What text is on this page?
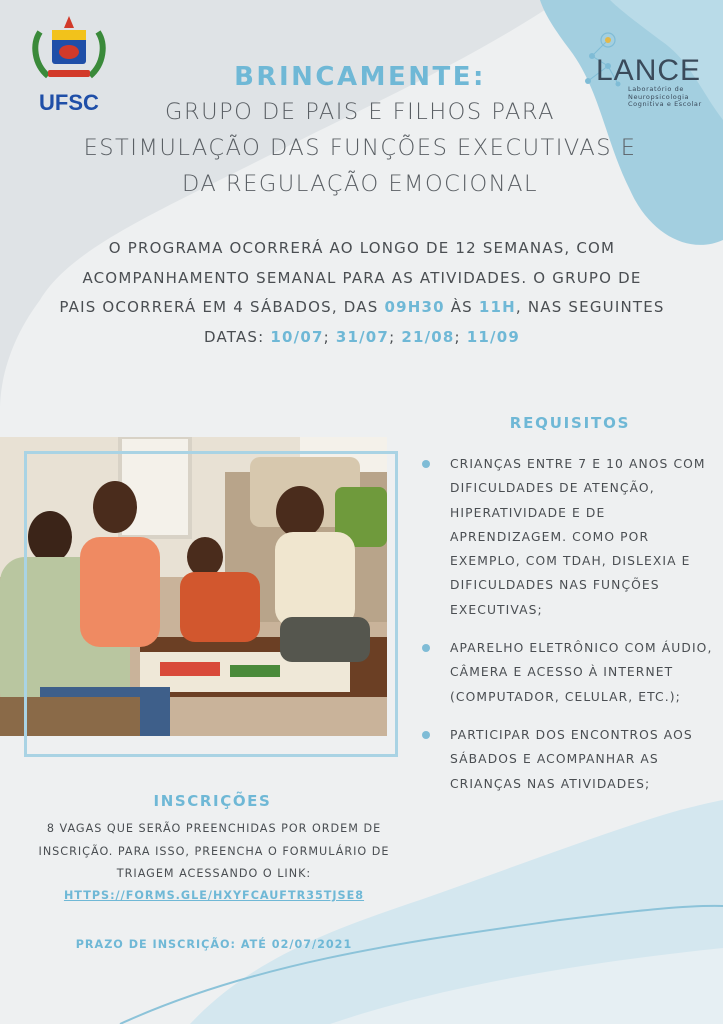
UFSC
LANCE
Laboratório de Neuropsicologia Cognitiva e Escolar
BRINCAMENTE:
GRUPO DE PAIS E FILHOS PARA
ESTIMULAÇÃO DAS FUNÇÕES EXECUTIVAS E
DA REGULAÇÃO EMOCIONAL
O PROGRAMA OCORRERÁ AO LONGO DE 12 SEMANAS, COM
ACOMPANHAMENTO SEMANAL PARA AS ATIVIDADES. O GRUPO DE
PAIS OCORRERÁ EM 4 SÁBADOS, DAS 09H30 ÀS 11H, NAS SEGUINTES
DATAS: 10/07; 31/07; 21/08; 11/09
REQUISITOS
CRIANÇAS ENTRE 7 E 10 ANOS COM DIFICULDADES DE ATENÇÃO, HIPERATIVIDADE E DE APRENDIZAGEM. COMO POR EXEMPLO, COM TDAH, DISLEXIA E DIFICULDADES NAS FUNÇÕES EXECUTIVAS;
APARELHO ELETRÔNICO COM ÁUDIO, CÂMERA E ACESSO À INTERNET (COMPUTADOR, CELULAR, ETC.);
PARTICIPAR DOS ENCONTROS AOS SÁBADOS E ACOMPANHAR AS CRIANÇAS NAS ATIVIDADES;
INSCRIÇÕES
8 VAGAS QUE SERÃO PREENCHIDAS POR ORDEM DE INSCRIÇÃO. PARA ISSO, PREENCHA O FORMULÁRIO DE TRIAGEM ACESSANDO O LINK:
HTTPS://FORMS.GLE/HXYFCAUFTR35TJSE8
PRAZO DE INSCRIÇÃO: ATÉ 02/07/2021
